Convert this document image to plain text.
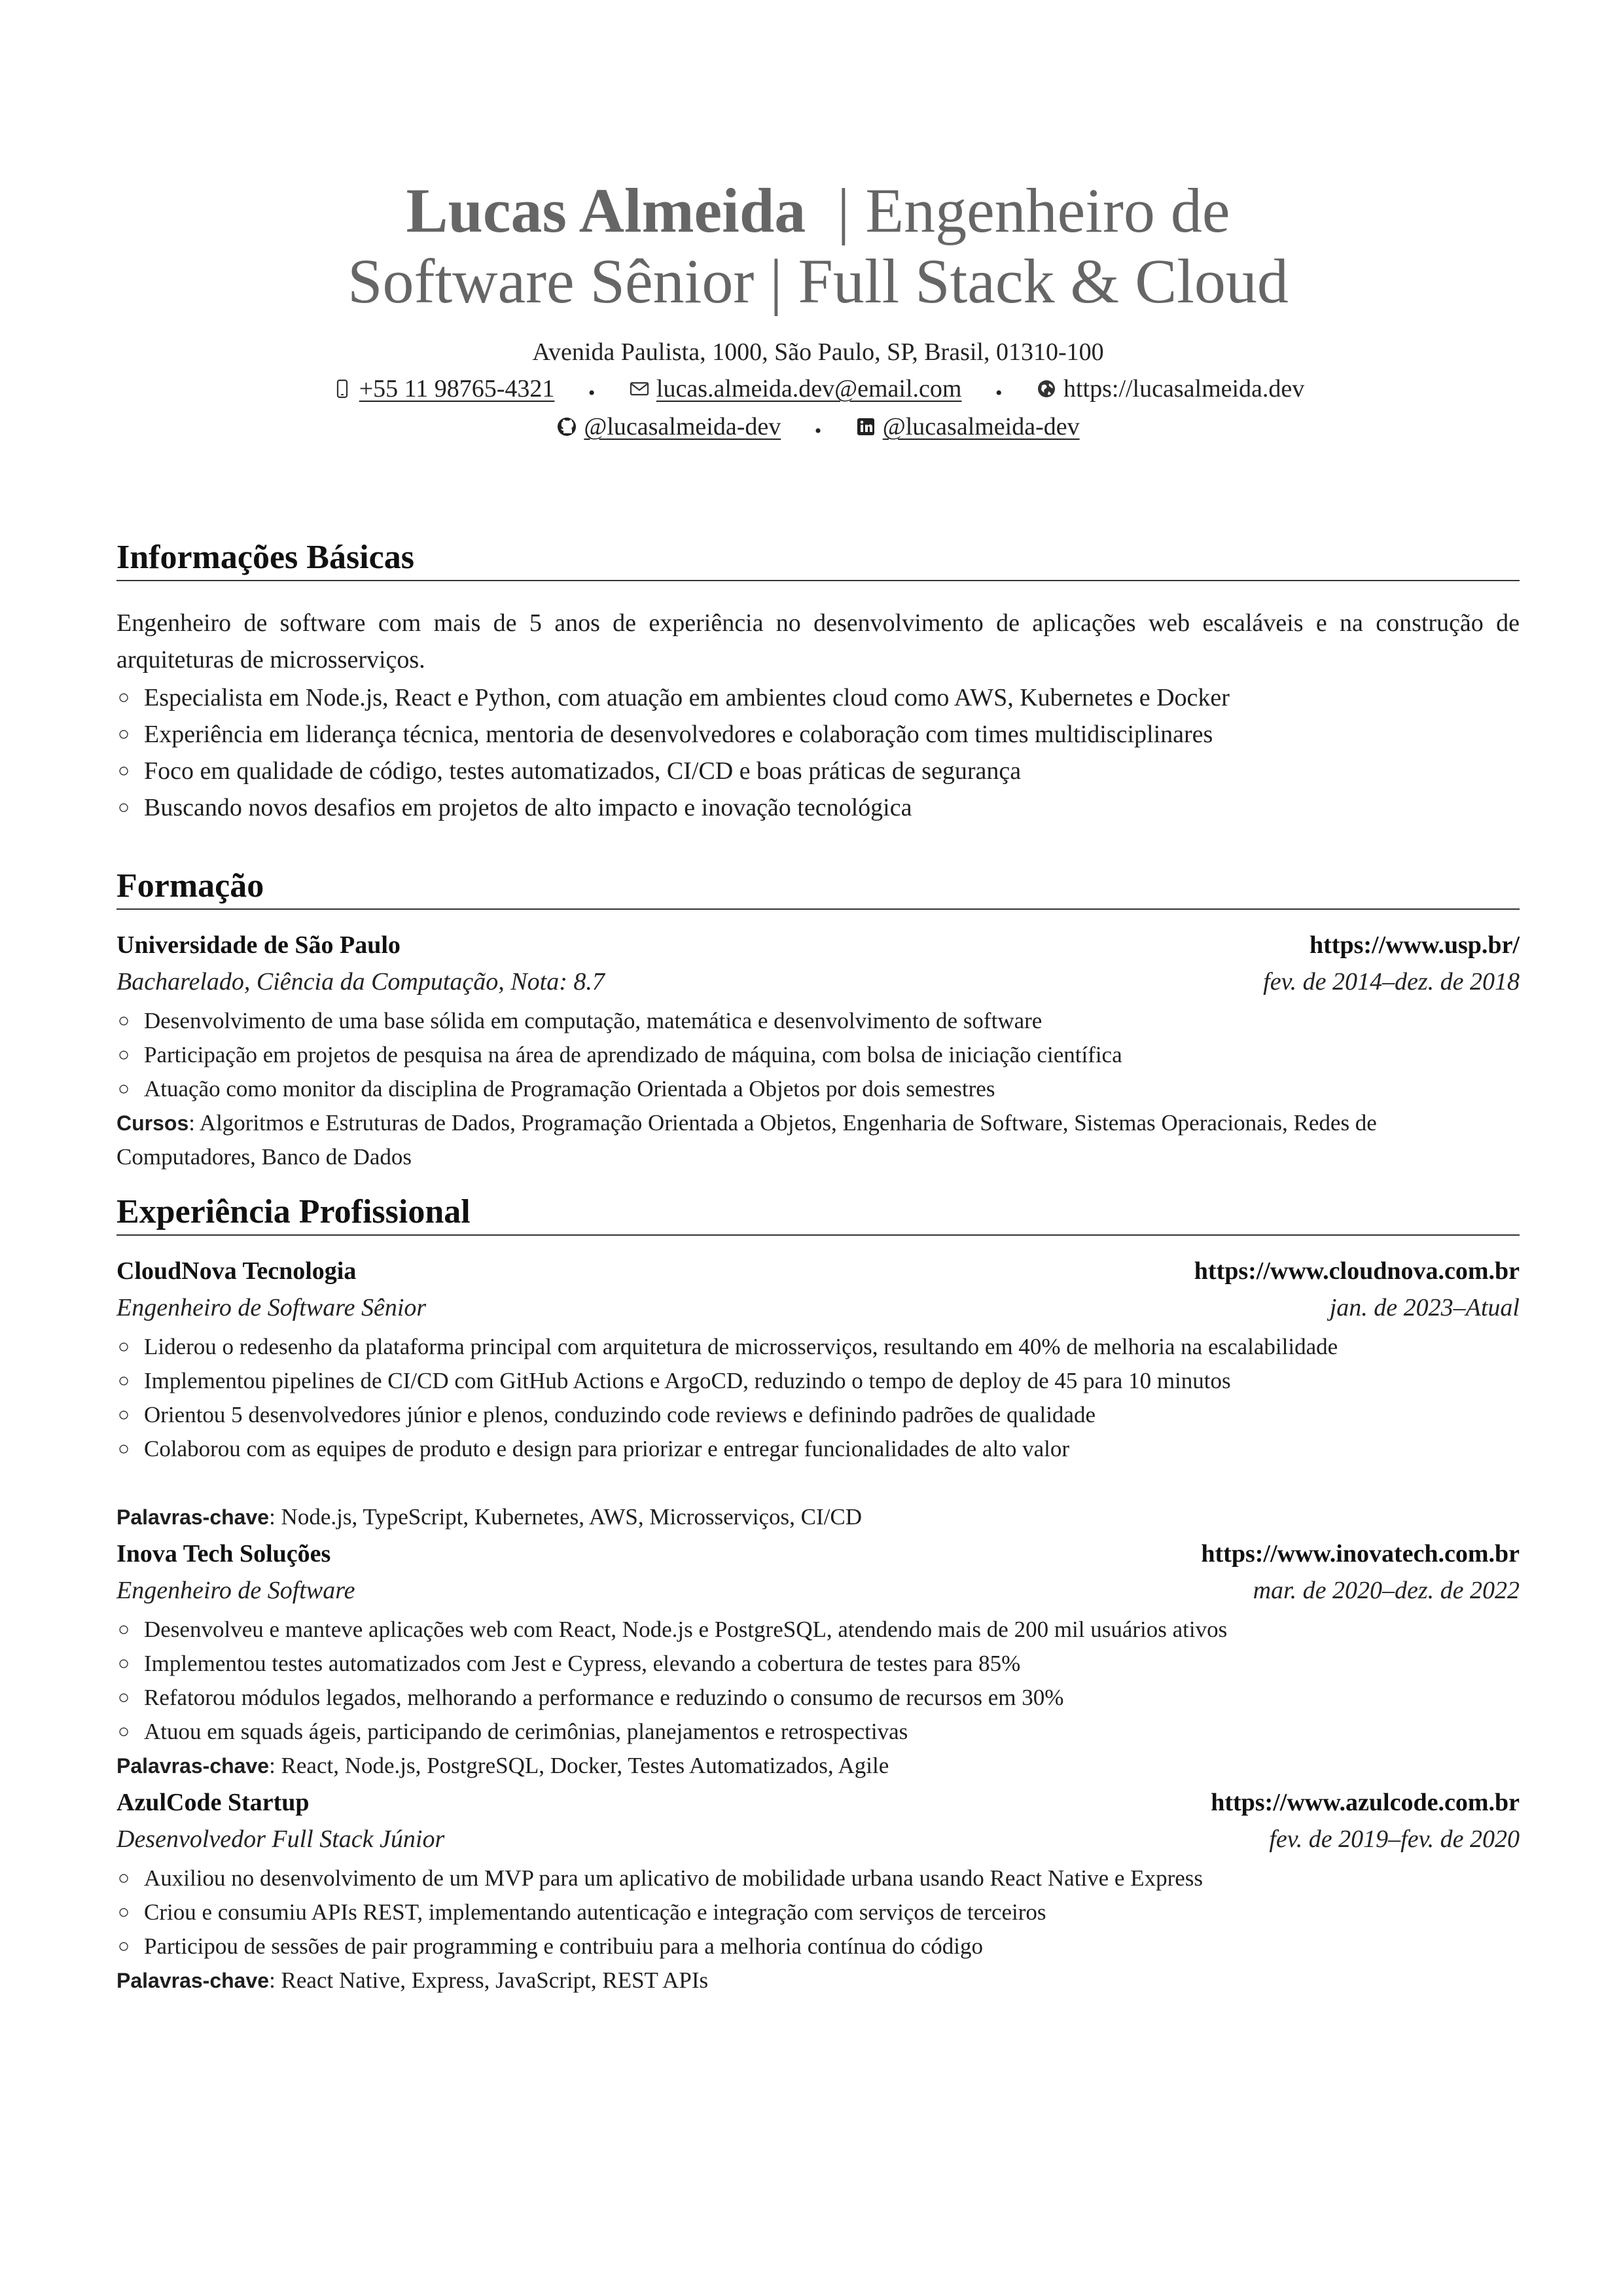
Lucas Almeida | Engenheiro de
Software Sênior | Full Stack & Cloud
Avenida Paulista, 1000, São Paulo, SP, Brasil, 01310-100
+55 11 98765-4321 • lucas.almeida.dev@email.com • https://lucasalmeida.dev
@lucasalmeida-dev • @lucasalmeida-dev
Informações Básicas
Engenheiro de software com mais de 5 anos de experiência no desenvolvimento de aplicações web escaláveis e na construção de arquiteturas de microsserviços.
○ Especialista em Node.js, React e Python, com atuação em ambientes cloud como AWS, Kubernetes e Docker
○ Experiência em liderança técnica, mentoria de desenvolvedores e colaboração com times multidisciplinares
○ Foco em qualidade de código, testes automatizados, CI/CD e boas práticas de segurança
○ Buscando novos desafios em projetos de alto impacto e inovação tecnológica
Formação
Universidade de São Paulo	https://www.usp.br/
Bacharelado, Ciência da Computação, Nota: 8.7	fev. de 2014–dez. de 2018
○ Desenvolvimento de uma base sólida em computação, matemática e desenvolvimento de software
○ Participação em projetos de pesquisa na área de aprendizado de máquina, com bolsa de iniciação científica
○ Atuação como monitor da disciplina de Programação Orientada a Objetos por dois semestres
Cursos: Algoritmos e Estruturas de Dados, Programação Orientada a Objetos, Engenharia de Software, Sistemas Operacionais, Redes de Computadores, Banco de Dados
Experiência Profissional
CloudNova Tecnologia	https://www.cloudnova.com.br
Engenheiro de Software Sênior	jan. de 2023–Atual
○ Liderou o redesenho da plataforma principal com arquitetura de microsserviços, resultando em 40% de melhoria na escalabilidade
○ Implementou pipelines de CI/CD com GitHub Actions e ArgoCD, reduzindo o tempo de deploy de 45 para 10 minutos
○ Orientou 5 desenvolvedores júnior e plenos, conduzindo code reviews e definindo padrões de qualidade
○ Colaborou com as equipes de produto e design para priorizar e entregar funcionalidades de alto valor
Palavras-chave: Node.js, TypeScript, Kubernetes, AWS, Microsserviços, CI/CD
Inova Tech Soluções	https://www.inovatech.com.br
Engenheiro de Software	mar. de 2020–dez. de 2022
○ Desenvolveu e manteve aplicações web com React, Node.js e PostgreSQL, atendendo mais de 200 mil usuários ativos
○ Implementou testes automatizados com Jest e Cypress, elevando a cobertura de testes para 85%
○ Refatorou módulos legados, melhorando a performance e reduzindo o consumo de recursos em 30%
○ Atuou em squads ágeis, participando de cerimônias, planejamentos e retrospectivas
Palavras-chave: React, Node.js, PostgreSQL, Docker, Testes Automatizados, Agile
AzulCode Startup	https://www.azulcode.com.br
Desenvolvedor Full Stack Júnior	fev. de 2019–fev. de 2020
○ Auxiliou no desenvolvimento de um MVP para um aplicativo de mobilidade urbana usando React Native e Express
○ Criou e consumiu APIs REST, implementando autenticação e integração com serviços de terceiros
○ Participou de sessões de pair programming e contribuiu para a melhoria contínua do código
Palavras-chave: React Native, Express, JavaScript, REST APIs
